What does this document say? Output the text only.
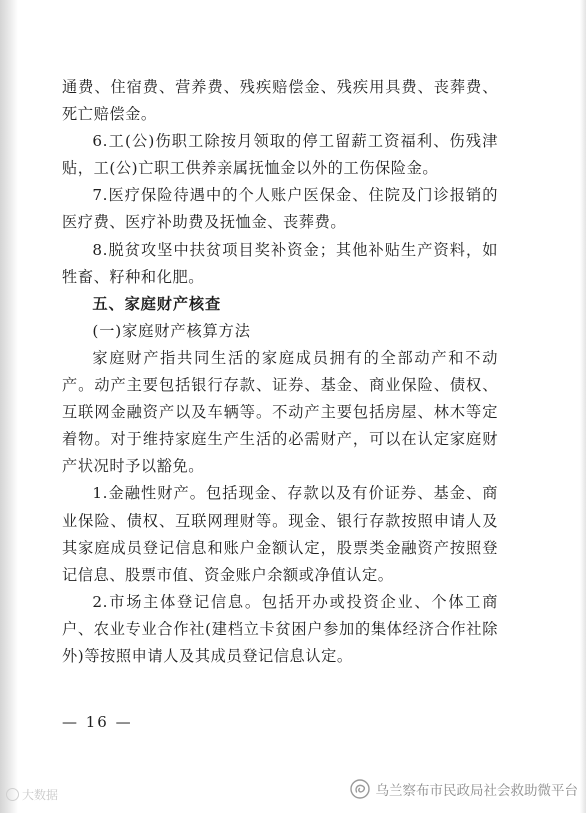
通费、住宿费、营养费、残疾赔偿金、残疾用具费、丧葬费、死亡赔偿金。

6.工(公)伤职工除按月领取的停工留薪工资福利、伤残津贴，工(公)亡职工供养亲属抚恤金以外的工伤保险金。

7.医疗保险待遇中的个人账户医保金、住院及门诊报销的医疗费、医疗补助费及抚恤金、丧葬费。

8.脱贫攻坚中扶贫项目奖补资金；其他补贴生产资料，如牲畜、籽种和化肥。

五、家庭财产核查

(一)家庭财产核算方法

家庭财产指共同生活的家庭成员拥有的全部动产和不动产。动产主要包括银行存款、证券、基金、商业保险、债权、互联网金融资产以及车辆等。不动产主要包括房屋、林木等定着物。对于维持家庭生产生活的必需财产，可以在认定家庭财产状况时予以豁免。

1.金融性财产。包括现金、存款以及有价证券、基金、商业保险、债权、互联网理财等。现金、银行存款按照申请人及其家庭成员登记信息和账户金额认定，股票类金融资产按照登记信息、股票市值、资金账户余额或净值认定。

2.市场主体登记信息。包括开办或投资企业、个体工商户、农业专业合作社(建档立卡贫困户参加的集体经济合作社除外)等按照申请人及其成员登记信息认定。

— 16 —
大数据	乌兰察布市民政局社会救助微平台
